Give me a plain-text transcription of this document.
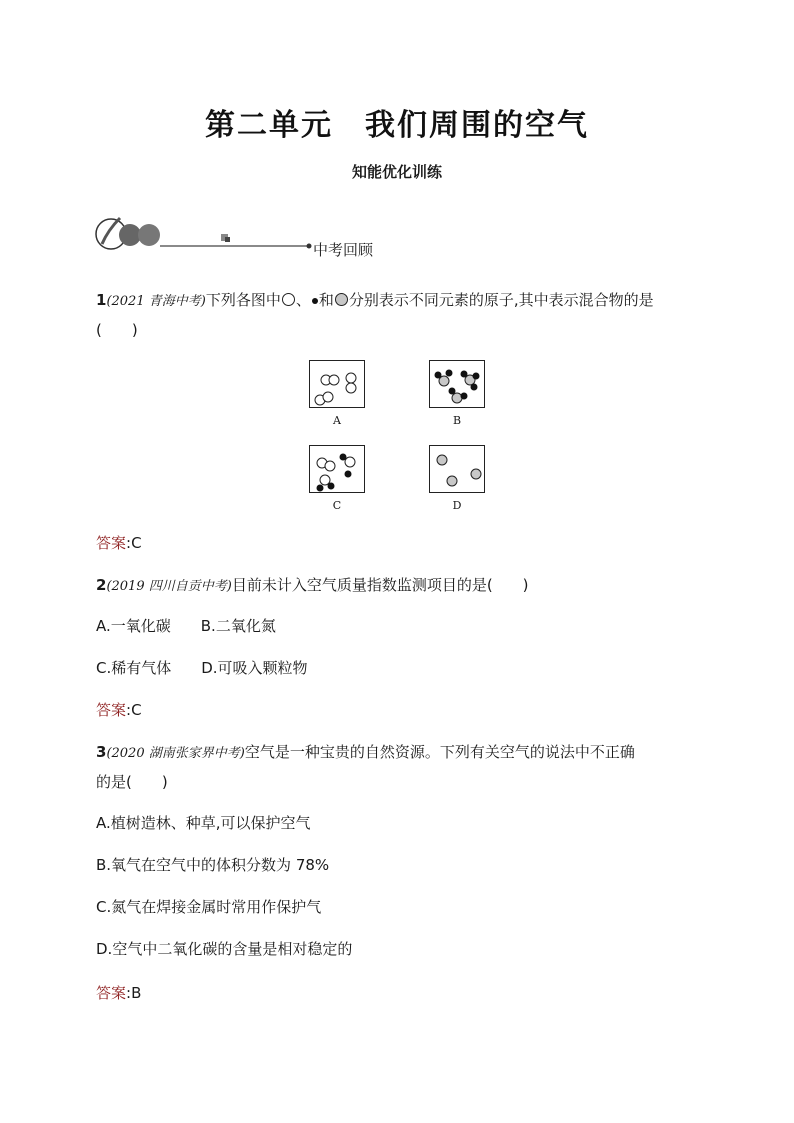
第二单元　我们周围的空气
知能优化训练
中考回顾
1(2021 青海中考)下列各图中 、 和 分别表示不同元素的原子,其中表示混合物的是
(　　)
A	B
C	D
答案:C
2(2019 四川自贡中考)目前未计入空气质量指数监测项目的是(　　)
A.一氧化碳　　B.二氧化氮
C.稀有气体　　D.可吸入颗粒物
答案:C
3(2020 湖南张家界中考)空气是一种宝贵的自然资源。下列有关空气的说法中不正确
的是(　　)
A.植树造林、种草,可以保护空气
B.氧气在空气中的体积分数为 78%
C.氮气在焊接金属时常用作保护气
D.空气中二氧化碳的含量是相对稳定的
答案:B
